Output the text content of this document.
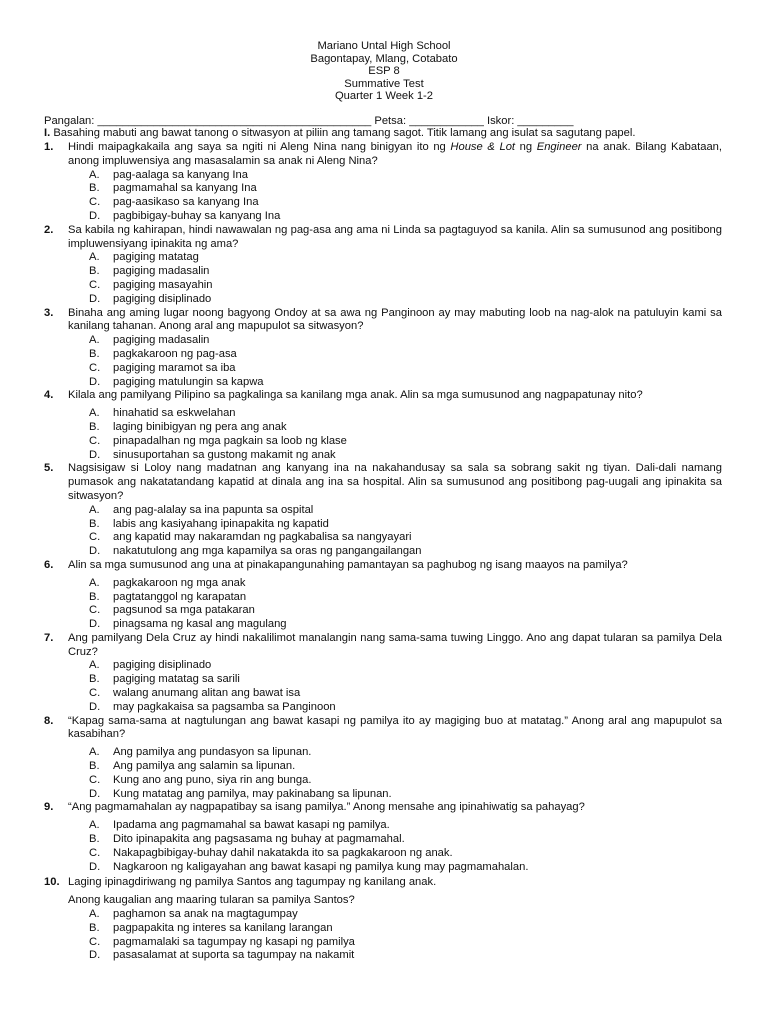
Mariano Untal High School
Bagontapay, Mlang, Cotabato
ESP 8
Summative Test
Quarter 1 Week 1-2
Pangalan: ____________________________________________ Petsa: ____________ Iskor: _________
I. Basahing mabuti ang bawat tanong o sitwasyon at piliin ang tamang sagot. Titik lamang ang isulat sa sagutang papel.
1. Hindi maipagkakaila ang saya sa ngiti ni Aleng Nina nang binigyan ito ng House & Lot ng Engineer na anak. Bilang Kabataan, anong impluwensiya ang masasalamin sa anak ni Aleng Nina?
A. pag-aalaga sa kanyang Ina
B. pagmamahal sa kanyang Ina
C. pag-aasikaso sa kanyang Ina
D. pagbibigay-buhay sa kanyang Ina
2. Sa kabila ng kahirapan, hindi nawawalan ng pag-asa ang ama ni Linda sa pagtaguyod sa kanila. Alin sa sumusunod ang positibong impluwensiyang ipinakita ng ama?
A. pagiging matatag
B. pagiging madasalin
C. pagiging masayahin
D. pagiging disiplinado
3. Binaha ang aming lugar noong bagyong Ondoy at sa awa ng Panginoon ay may mabuting loob na nag-alok na patuluyin kami sa kanilang tahanan. Anong aral ang mapupulot sa sitwasyon?
A. pagiging madasalin
B. pagkakaroon ng pag-asa
C. pagiging maramot sa iba
D. pagiging matulungin sa kapwa
4. Kilala ang pamilyang Pilipino sa pagkalinga sa kanilang mga anak. Alin sa mga sumusunod ang nagpapatunay nito?
A. hinahatid sa eskwelahan
B. laging binibigyan ng pera ang anak
C. pinapadalhan ng mga pagkain sa loob ng klase
D. sinusuportahan sa gustong makamit ng anak
5. Nagsisigaw si Loloy nang madatnan ang kanyang ina na nakahandusay sa sala sa sobrang sakit ng tiyan. Dali-dali namang pumasok ang nakatatandang kapatid at dinala ang ina sa hospital. Alin sa sumusunod ang positibong pag-uugali ang ipinakita sa sitwasyon?
A. ang pag-alalay sa ina papunta sa ospital
B. labis ang kasiyahang ipinapakita ng kapatid
C. ang kapatid may nakaramdan ng pagkabalisa sa nangyayari
D. nakatutulong ang mga kapamilya sa oras ng pangangailangan
6. Alin sa mga sumusunod ang una at pinakapangunahing pamantayan sa paghubog ng isang maayos na pamilya?
A. pagkakaroon ng mga anak
B. pagtatanggol ng karapatan
C. pagsunod sa mga patakaran
D. pinagsama ng kasal ang magulang
7. Ang pamilyang Dela Cruz ay hindi nakalilimot manalangin nang sama-sama tuwing Linggo. Ano ang dapat tularan sa pamilya Dela Cruz?
A. pagiging disiplinado
B. pagiging matatag sa sarili
C. walang anumang alitan ang bawat isa
D. may pagkakaisa sa pagsamba sa Panginoon
8. “Kapag sama-sama at nagtulungan ang bawat kasapi ng pamilya ito ay magiging buo at matatag.” Anong aral ang mapupulot sa kasabihan?
A. Ang pamilya ang pundasyon sa lipunan.
B. Ang pamilya ang salamin sa lipunan.
C. Kung ano ang puno, siya rin ang bunga.
D. Kung matatag ang pamilya, may pakinabang sa lipunan.
9. “Ang pagmamahalan ay nagpapatibay sa isang pamilya.” Anong mensahe ang ipinahiwatig sa pahayag?
A. Ipadama ang pagmamahal sa bawat kasapi ng pamilya.
B. Dito ipinapakita ang pagsasama ng buhay at pagmamahal.
C. Nakapagbibigay-buhay dahil nakatakda ito sa pagkakaroon ng anak.
D. Nagkaroon ng kaligayahan ang bawat kasapi ng pamilya kung may pagmamahalan.
10. Laging ipinagdiriwang ng pamilya Santos ang tagumpay ng kanilang anak.
Anong kaugalian ang maaring tularan sa pamilya Santos?
A. paghamon sa anak na magtagumpay
B. pagpapakita ng interes sa kanilang larangan
C. pagmamalaki sa tagumpay ng kasapi ng pamilya
D. pasasalamat at suporta sa tagumpay na nakamit
